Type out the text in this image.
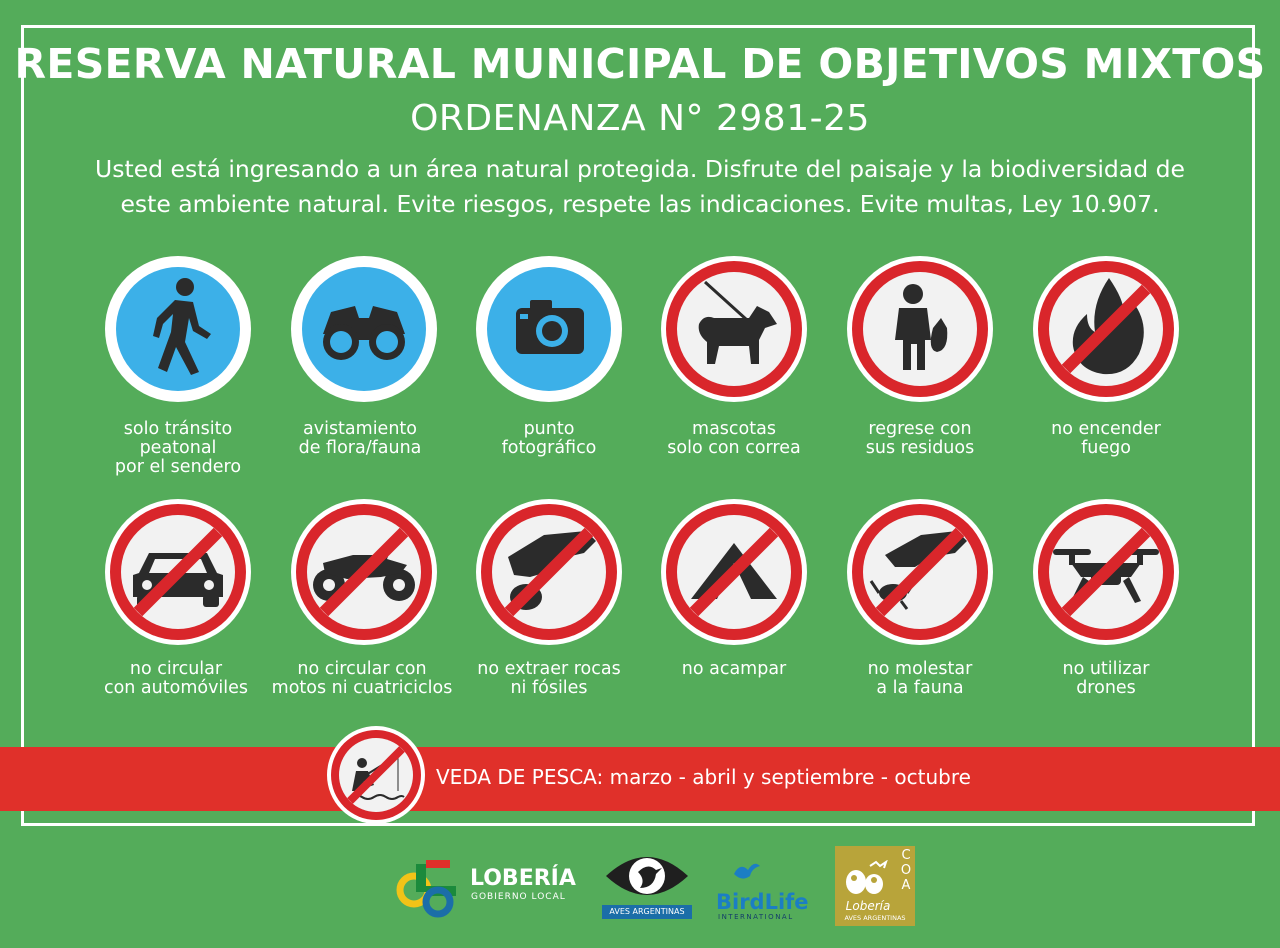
RESERVA NATURAL MUNICIPAL DE OBJETIVOS MIXTOS
ORDENANZA N° 2981-25
Usted está ingresando a un área natural protegida. Disfrute del paisaje y la biodiversidad de
este ambiente natural. Evite riesgos, respete las indicaciones. Evite multas, Ley 10.907.
solo tránsito
peatonal
por el sendero
avistamiento
de flora/fauna
punto
fotográfico
mascotas
solo con correa
regrese con
sus residuos
no encender
fuego
no circular
con automóviles
no circular con
motos ni cuatriciclos
no extraer rocas
ni fósiles
no acampar	no molestar
a la fauna
no utilizar
drones
VEDA DE PESCA: marzo - abril y septiembre - octubre
LOBERÍA
GOBIERNO LOCAL
AVES ARGENTINAS	BirdLife
INTERNATIONAL
C
O
A
Lobería
AVES ARGENTINAS
